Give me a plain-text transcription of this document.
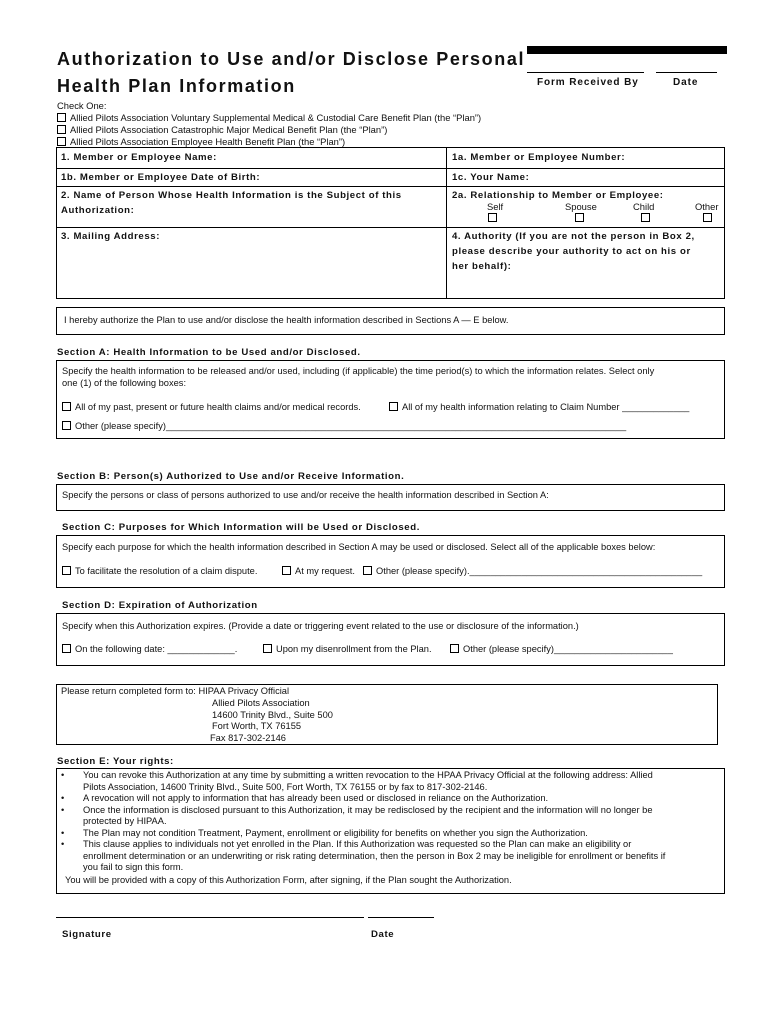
Authorization to Use and/or Disclose Personal
Health Plan Information	Form Received By	Date
Check One:
Allied Pilots Association Voluntary Supplemental Medical & Custodial Care Benefit Plan (the “Plan”)
Allied Pilots Association Catastrophic Major Medical Benefit Plan (the “Plan”)
Allied Pilots Association Employee Health Benefit Plan (the “Plan”)
1. Member or Employee Name:	1a. Member or Employee Number:
1b. Member or Employee Date of Birth:	1c. Your Name:
2. Name of Person Whose Health Information is the Subject of this
Authorization:
2a. Relationship to Member or Employee:
Self	Spouse	Child	Other
3. Mailing Address:	4. Authority (If you are not the person in Box 2,
please describe your authority to act on his or
her behalf):
I hereby authorize the Plan to use and/or disclose the health information described in Sections A — E below.
Section A: Health Information to be Used and/or Disclosed.
Specify the health information to be released and/or used, including (if applicable) the time period(s) to which the information relates. Select only
one (1) of the following boxes:
All of my past, present or future health claims and/or medical records.	All of my health information relating to Claim Number _____________
Other (please specify)_________________________________________________________________________________________
Section B: Person(s) Authorized to Use and/or Receive Information.
Specify the persons or class of persons authorized to use and/or receive the health information described in Section A:
Section C: Purposes for Which Information will be Used or Disclosed.
Specify each purpose for which the health information described in Section A may be used or disclosed. Select all of the applicable boxes below:
To facilitate the resolution of a claim dispute.	At my request.	Other (please specify)._____________________________________________
Section D: Expiration of Authorization
Specify when this Authorization expires. (Provide a date or triggering event related to the use or disclosure of the information.)
On the following date: _____________.	Upon my disenrollment from the Plan.	Other (please specify)_______________________
Please return completed form to: HIPAA Privacy Official
Allied Pilots Association
14600 Trinity Blvd., Suite 500
Fort Worth, TX 76155
Fax 817-302-2146
Section E: Your rights:
• You can revoke this Authorization at any time by submitting a written revocation to the HPAA Privacy Official at the following address: Allied
Pilots Association, 14600 Trinity Blvd., Suite 500, Fort Worth, TX 76155 or by fax to 817-302-2146.
• A revocation will not apply to information that has already been used or disclosed in reliance on the Authorization.
• Once the information is disclosed pursuant to this Authorization, it may be redisclosed by the recipient and the information will no longer be
protected by HIPAA.
• The Plan may not condition Treatment, Payment, enrollment or eligibility for benefits on whether you sign the Authorization.
• This clause applies to individuals not yet enrolled in the Plan. If this Authorization was requested so the Plan can make an eligibility or
enrollment determination or an underwriting or risk rating determination, then the person in Box 2 may be ineligible for enrollment or benefits if
you fail to sign this form.
You will be provided with a copy of this Authorization Form, after signing, if the Plan sought the Authorization.
Signature	Date
